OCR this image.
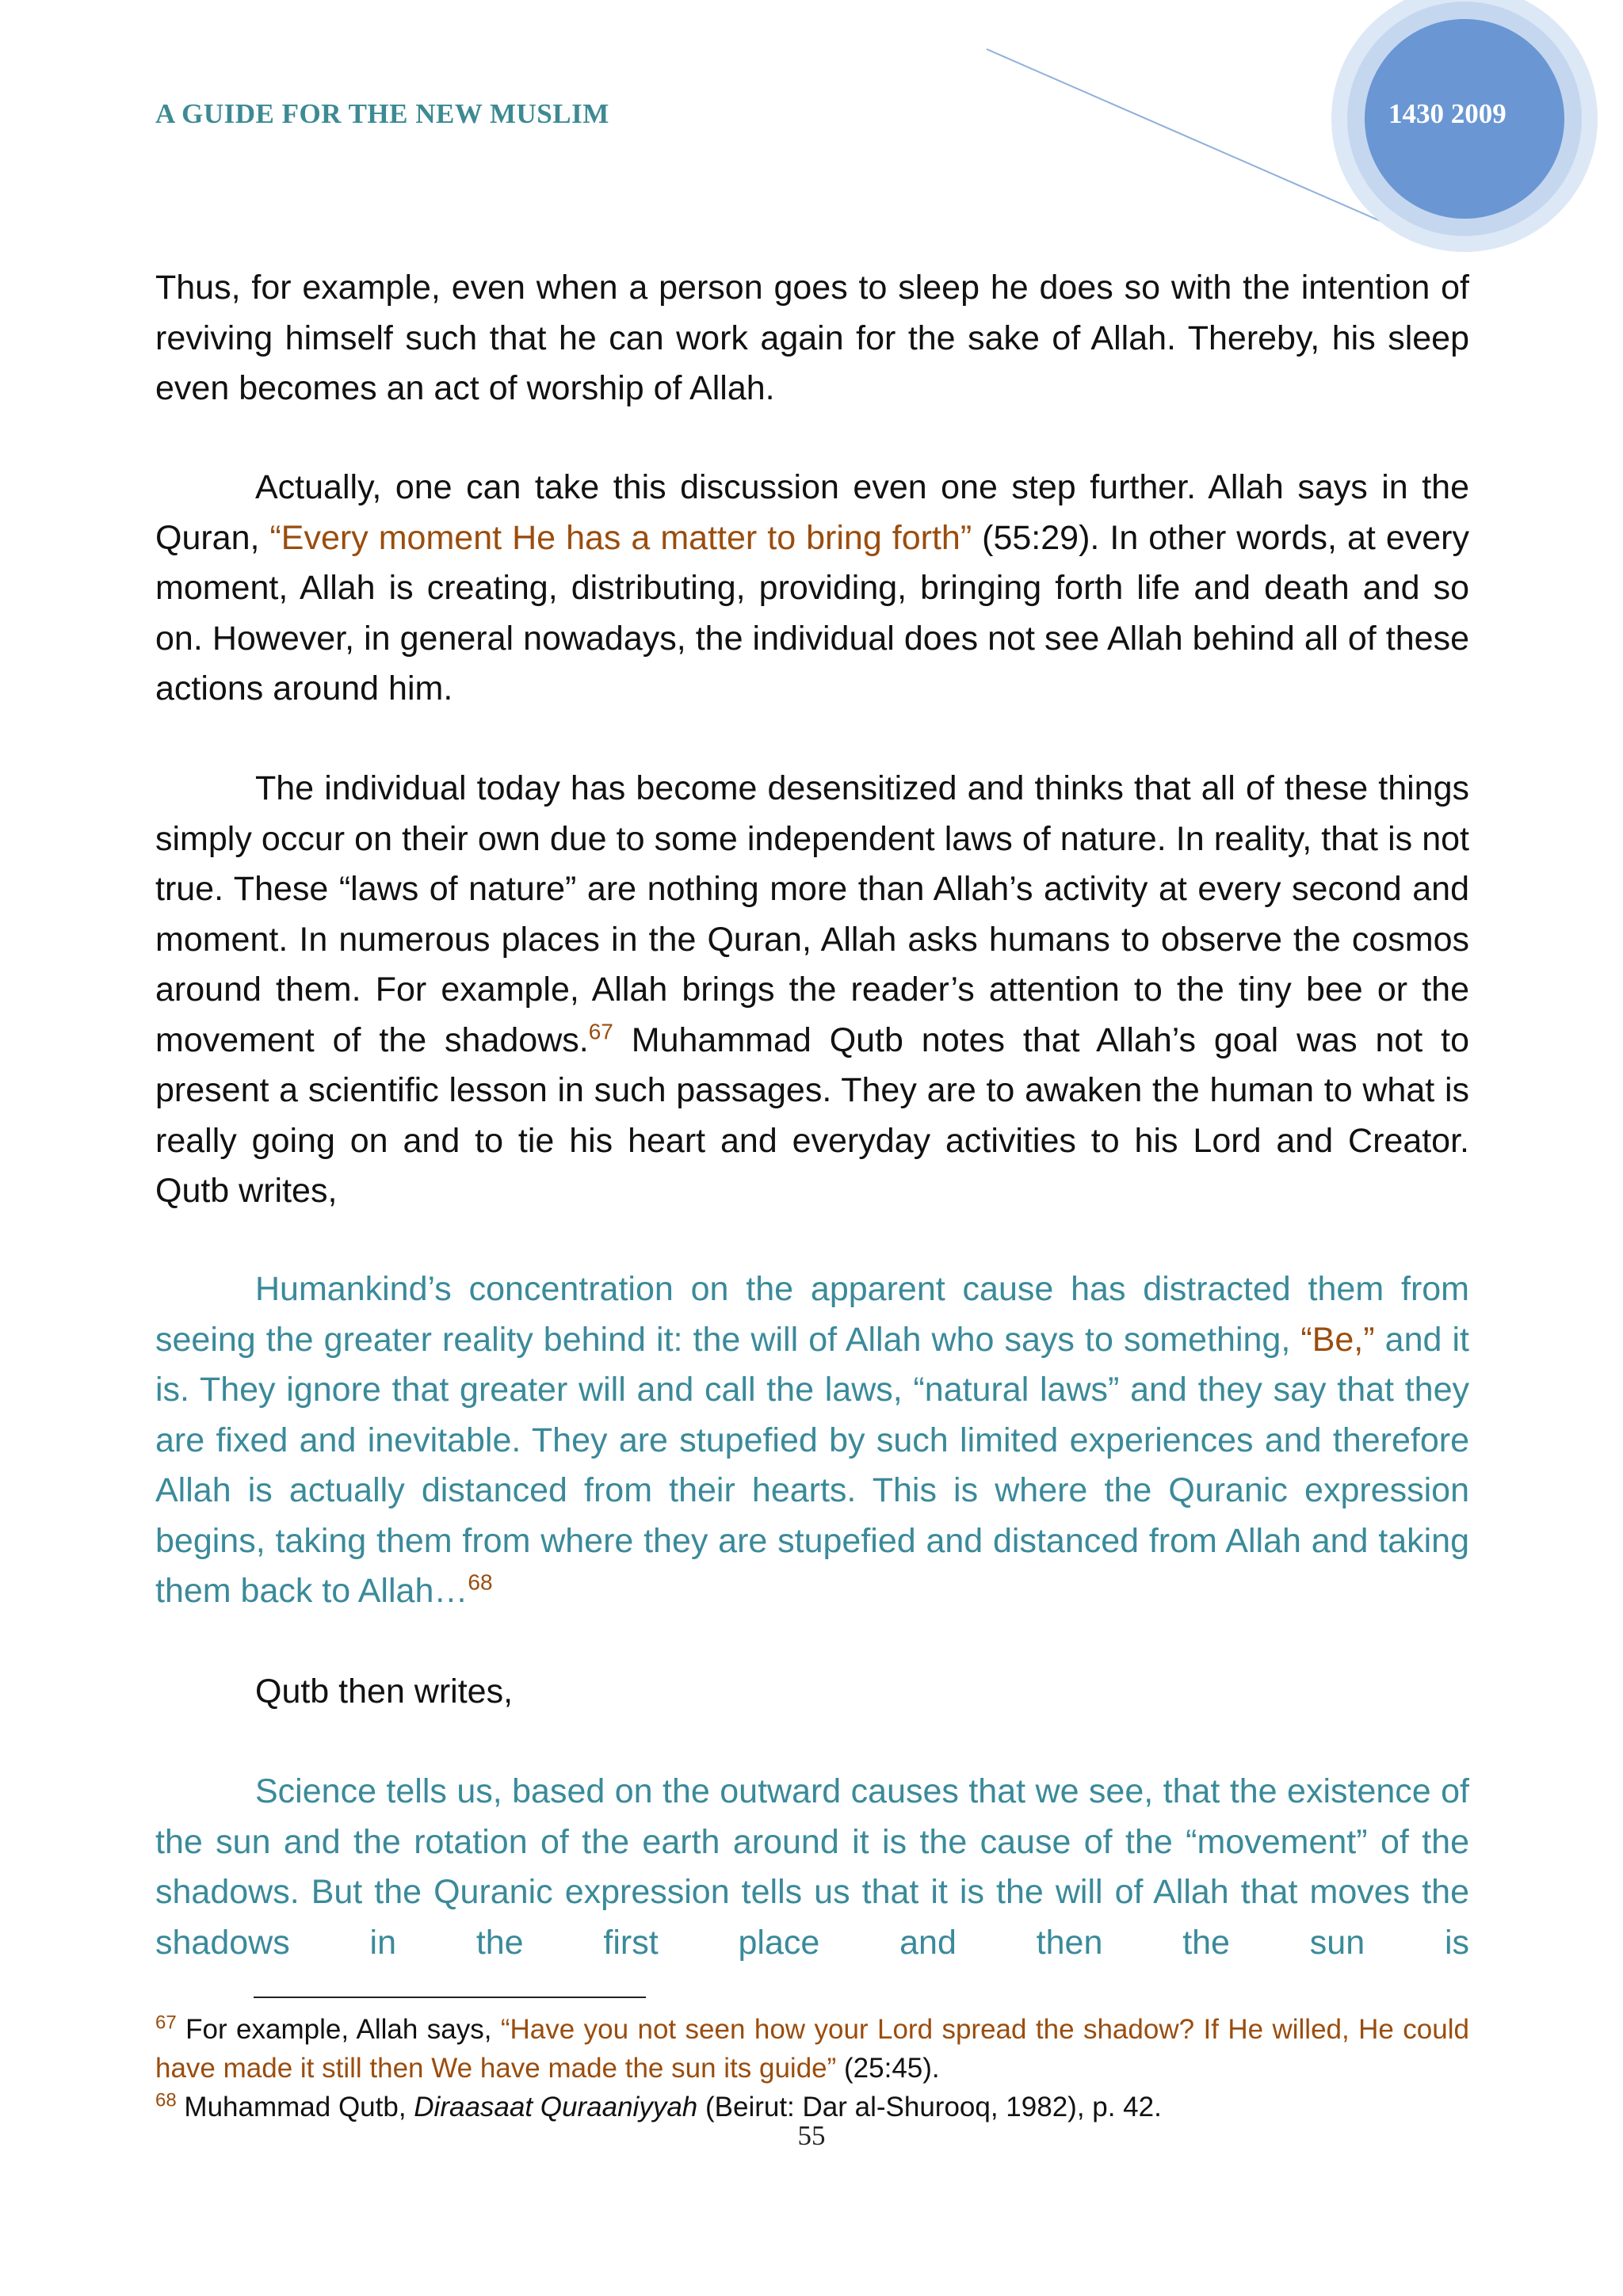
A GUIDE FOR THE NEW MUSLIM	1430 2009

Thus, for example, even when a person goes to sleep he does so with the intention of reviving himself such that he can work again for the sake of Allah. Thereby, his sleep even becomes an act of worship of Allah.

Actually, one can take this discussion even one step further. Allah says in the Quran, “Every moment He has a matter to bring forth” (55:29). In other words, at every moment, Allah is creating, distributing, providing, bringing forth life and death and so on. However, in general nowadays, the individual does not see Allah behind all of these actions around him.

The individual today has become desensitized and thinks that all of these things simply occur on their own due to some independent laws of nature. In reality, that is not true. These “laws of nature” are nothing more than Allah’s activity at every second and moment. In numerous places in the Quran, Allah asks humans to observe the cosmos around them. For example, Allah brings the reader’s attention to the tiny bee or the movement of the shadows.$^{67}$ Muhammad Qutb notes that Allah’s goal was not to present a scientific lesson in such passages. They are to awaken the human to what is really going on and to tie his heart and everyday activities to his Lord and Creator. Qutb writes,

Humankind’s concentration on the apparent cause has distracted them from seeing the greater reality behind it: the will of Allah who says to something, “Be,” and it is. They ignore that greater will and call the laws, “natural laws” and they say that they are fixed and inevitable. They are stupefied by such limited experiences and therefore Allah is actually distanced from their hearts. This is where the Quranic expression begins, taking them from where they are stupefied and distanced from Allah and taking them back to Allah…$^{68}$

Qutb then writes,

Science tells us, based on the outward causes that we see, that the existence of the sun and the rotation of the earth around it is the cause of the “movement” of the shadows. But the Quranic expression tells us that it is the will of Allah that moves the shadows in the first place and then the sun is

$^{67}$ For example, Allah says, “Have you not seen how your Lord spread the shadow? If He willed, He could have made it still then We have made the sun its guide” (25:45).
$^{68}$ Muhammad Qutb, Diraasaat Quraaniyyah (Beirut: Dar al-Shurooq, 1982), p. 42.
55
